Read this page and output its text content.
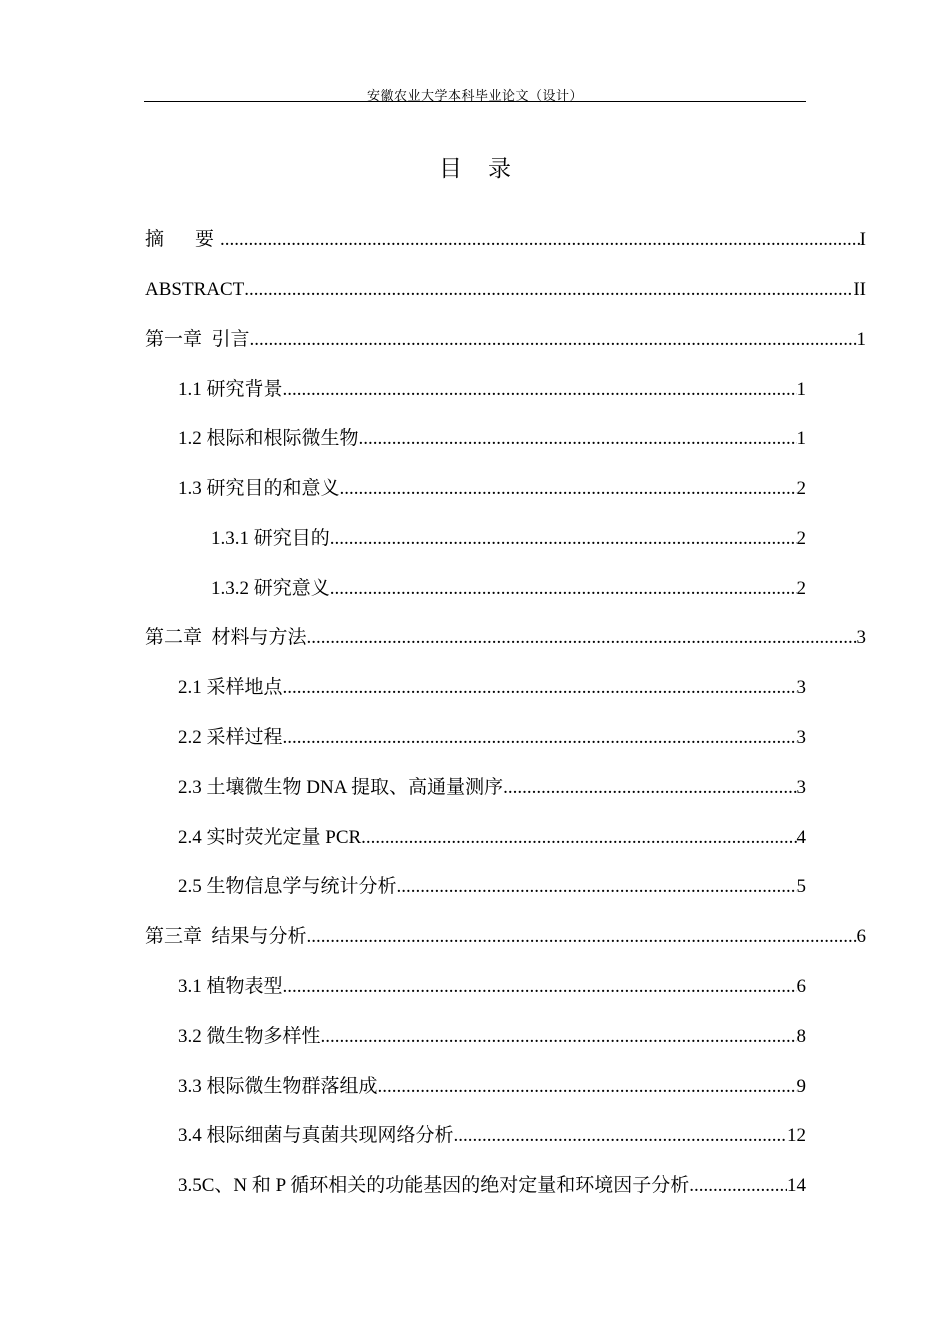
安徽农业大学本科毕业论文（设计）
目录
摘　要 .....	I
ABSTRACT .....	II
第一章  引言 .....	1
1.1 研究背景 .....	1
1.2 根际和根际微生物 .....	1
1.3 研究目的和意义 .....	2
1.3.1 研究目的 .....	2
1.3.2 研究意义 .....	2
第二章  材料与方法 .....	3
2.1 采样地点 .....	3
2.2 采样过程 .....	3
2.3 土壤微生物 DNA 提取、高通量测序 .....	3
2.4 实时荧光定量 PCR .....	4
2.5 生物信息学与统计分析 .....	5
第三章  结果与分析 .....	6
3.1 植物表型 .....	6
3.2 微生物多样性 .....	8
3.3 根际微生物群落组成 .....	9
3.4 根际细菌与真菌共现网络分析 .....	12
3.5C、N 和 P 循环相关的功能基因的绝对定量和环境因子分析 .....	14
